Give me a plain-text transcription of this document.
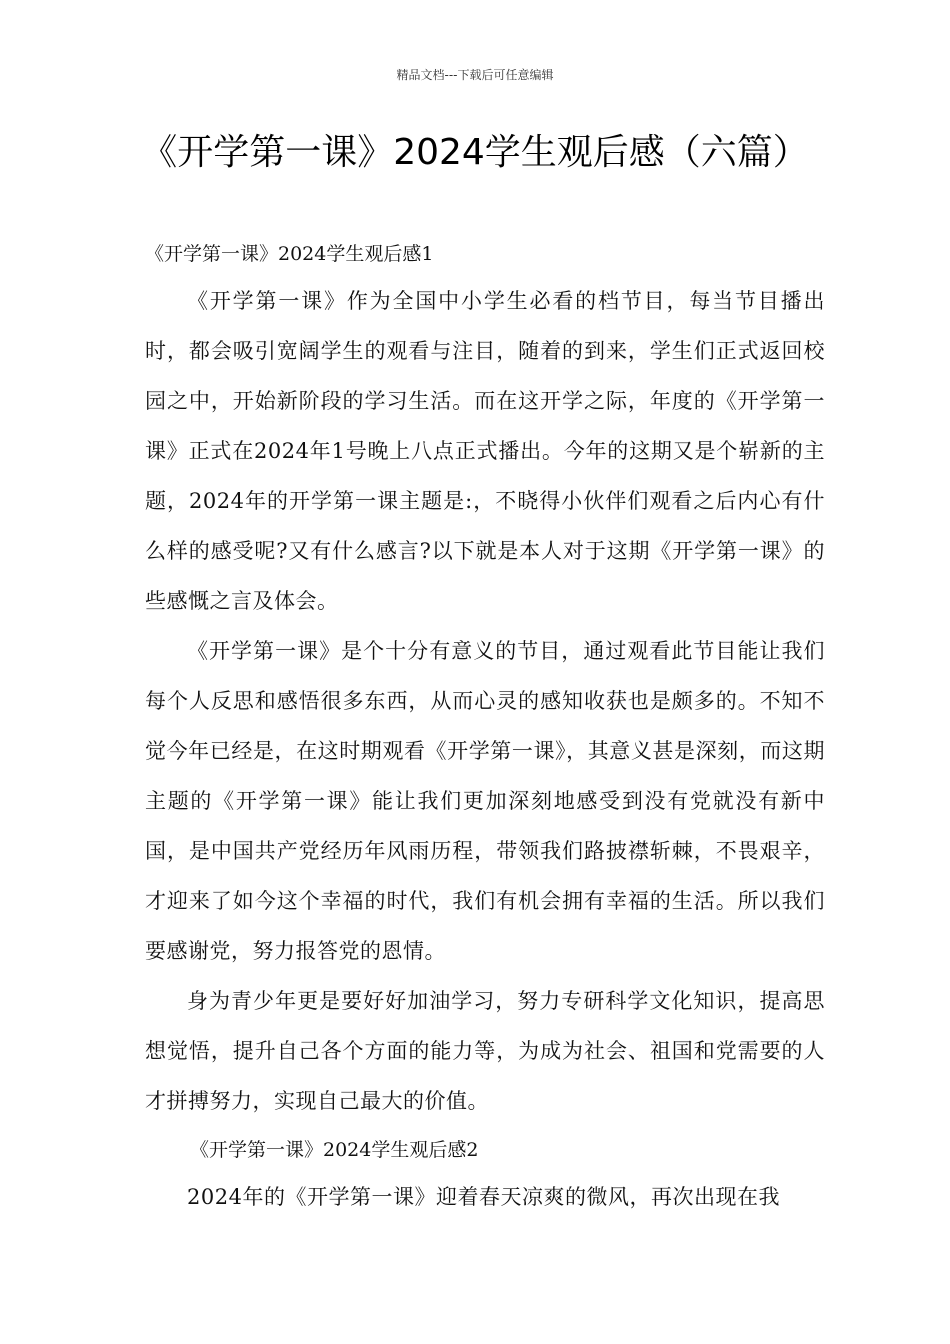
精品文档---下载后可任意编辑
《开学第一课》2024学生观后感（六篇）
《开学第一课》2024学生观后感1

《开学第一课》作为全国中小学生必看的档节目，每当节目播出时，都会吸引宽阔学生的观看与注目，随着的到来，学生们正式返回校园之中，开始新阶段的学习生活。而在这开学之际，年度的《开学第一课》正式在2024年1号晚上八点正式播出。今年的这期又是个崭新的主题，2024年的开学第一课主题是:，不晓得小伙伴们观看之后内心有什么样的感受呢?又有什么感言?以下就是本人对于这期《开学第一课》的些感慨之言及体会。

《开学第一课》是个十分有意义的节目，通过观看此节目能让我们每个人反思和感悟很多东西，从而心灵的感知收获也是颇多的。不知不觉今年已经是，在这时期观看《开学第一课》，其意义甚是深刻，而这期主题的《开学第一课》能让我们更加深刻地感受到没有党就没有新中国，是中国共产党经历年风雨历程，带领我们路披襟斩棘，不畏艰辛，才迎来了如今这个幸福的时代，我们有机会拥有幸福的生活。所以我们要感谢党，努力报答党的恩情。

身为青少年更是要好好加油学习，努力专研科学文化知识，提高思想觉悟，提升自己各个方面的能力等，为成为社会、祖国和党需要的人才拼搏努力，实现自己最大的价值。

《开学第一课》2024学生观后感2

2024年的《开学第一课》迎着春天凉爽的微风，再次出现在我
